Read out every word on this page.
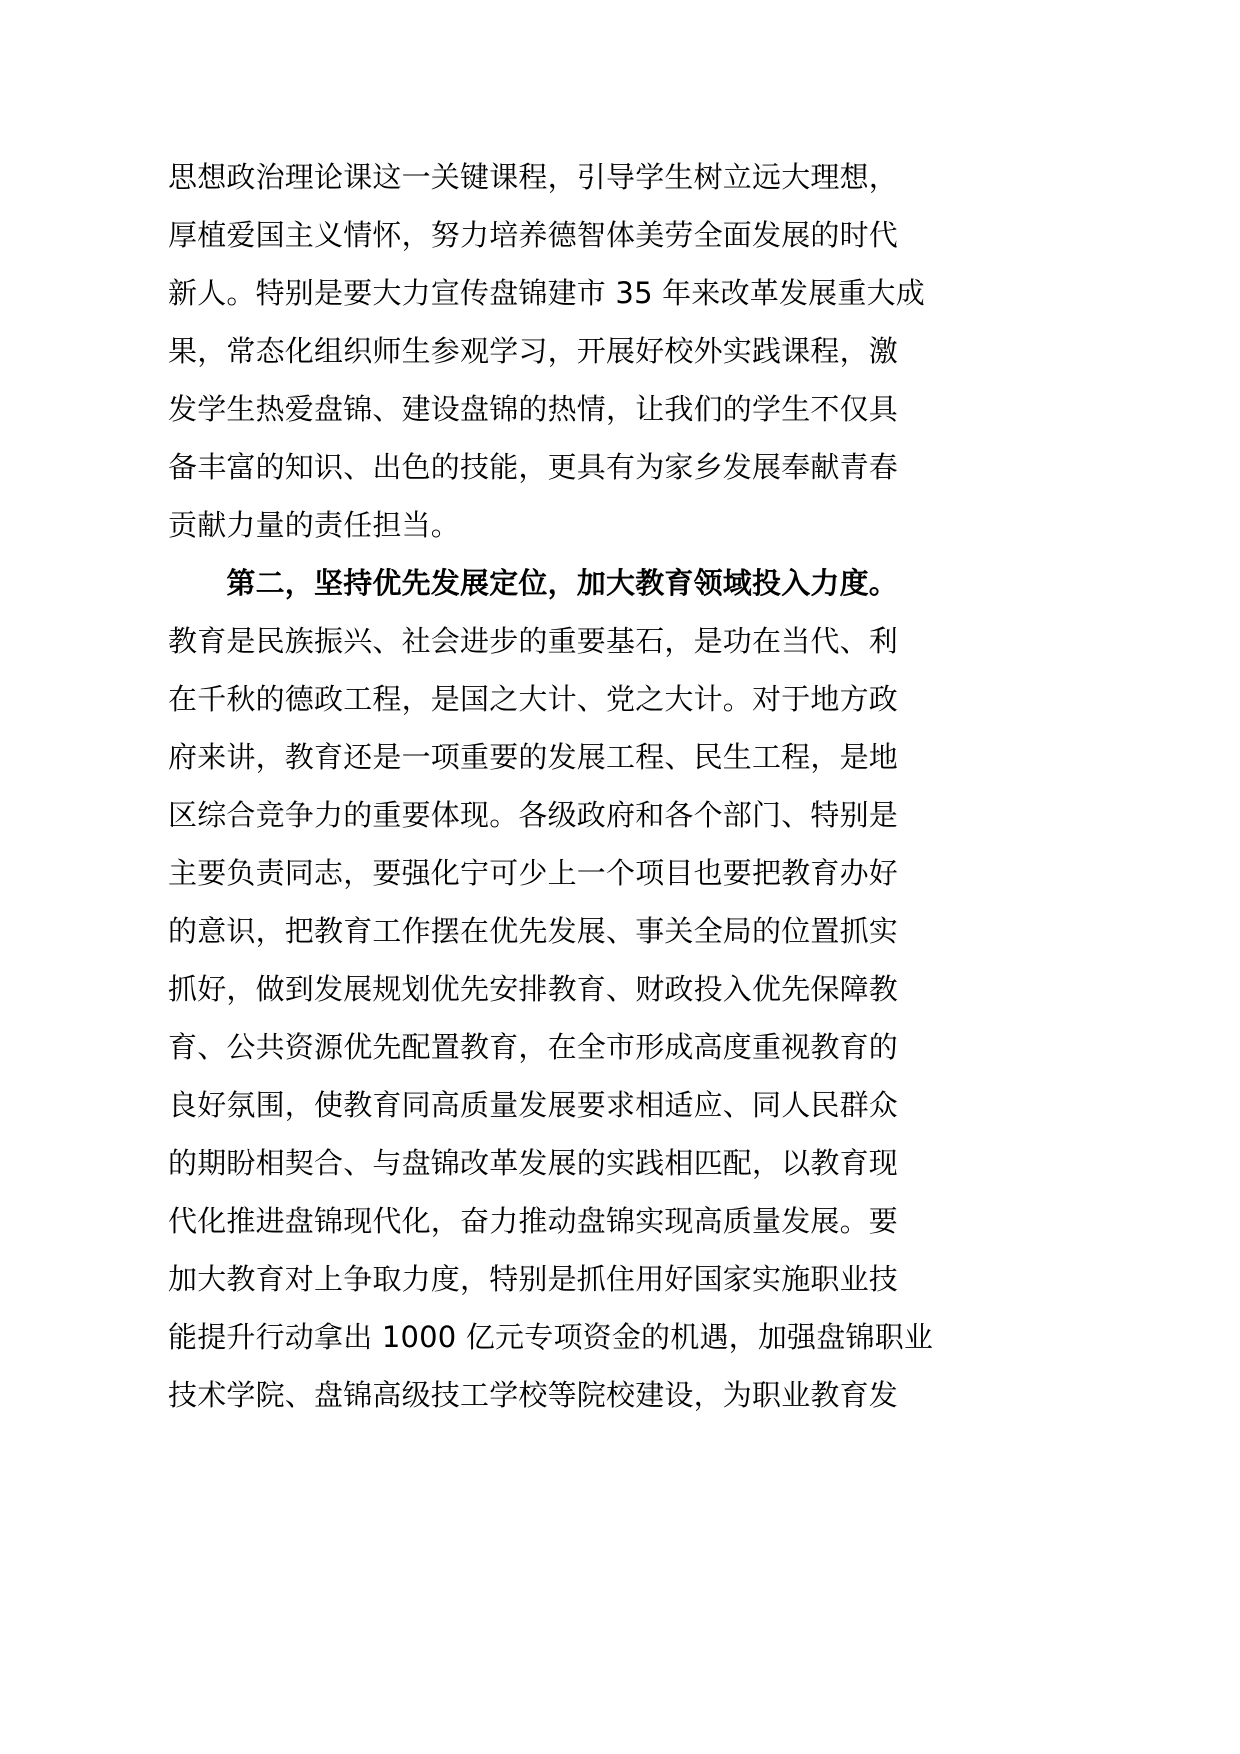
思想政治理论课这一关键课程，引导学生树立远大理想，
厚植爱国主义情怀，努力培养德智体美劳全面发展的时代
新人。特别是要大力宣传盘锦建市 35 年来改革发展重大成
果，常态化组织师生参观学习，开展好校外实践课程，激
发学生热爱盘锦、建设盘锦的热情，让我们的学生不仅具
备丰富的知识、出色的技能，更具有为家乡发展奉献青春
贡献力量的责任担当。
　　第二，坚持优先发展定位，加大教育领域投入力度。
教育是民族振兴、社会进步的重要基石，是功在当代、利
在千秋的德政工程，是国之大计、党之大计。对于地方政
府来讲，教育还是一项重要的发展工程、民生工程，是地
区综合竞争力的重要体现。各级政府和各个部门、特别是
主要负责同志，要强化宁可少上一个项目也要把教育办好
的意识，把教育工作摆在优先发展、事关全局的位置抓实
抓好，做到发展规划优先安排教育、财政投入优先保障教
育、公共资源优先配置教育，在全市形成高度重视教育的
良好氛围，使教育同高质量发展要求相适应、同人民群众
的期盼相契合、与盘锦改革发展的实践相匹配，以教育现
代化推进盘锦现代化，奋力推动盘锦实现高质量发展。要
加大教育对上争取力度，特别是抓住用好国家实施职业技
能提升行动拿出 1000 亿元专项资金的机遇，加强盘锦职业
技术学院、盘锦高级技工学校等院校建设，为职业教育发
